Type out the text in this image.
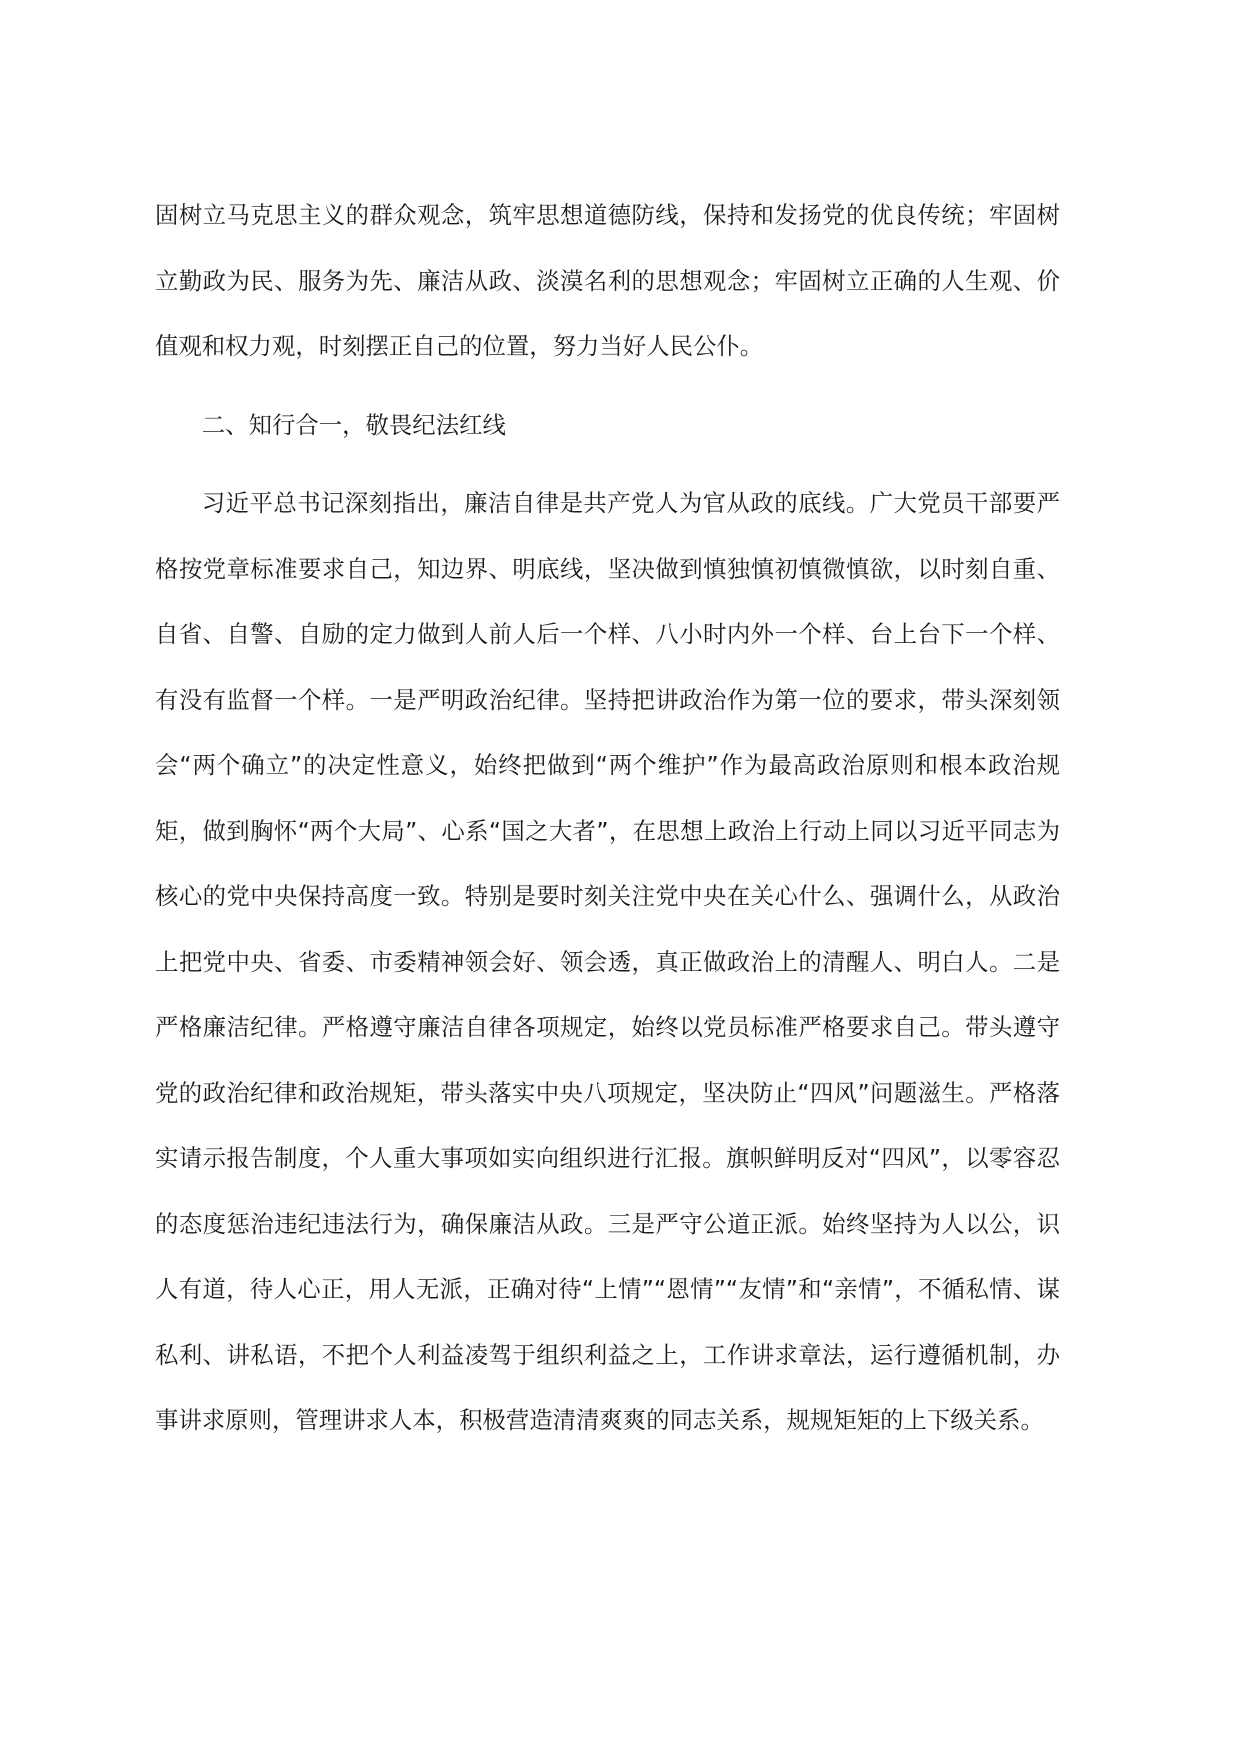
固树立马克思主义的群众观念，筑牢思想道德防线，保持和发扬党的优良传统；牢固树立勤政为民、服务为先、廉洁从政、淡漠名利的思想观念；牢固树立正确的人生观、价值观和权力观，时刻摆正自己的位置，努力当好人民公仆。

二、知行合一，敬畏纪法红线

习近平总书记深刻指出，廉洁自律是共产党人为官从政的底线。广大党员干部要严格按党章标准要求自己，知边界、明底线，坚决做到慎独慎初慎微慎欲，以时刻自重、自省、自警、自励的定力做到人前人后一个样、八小时内外一个样、台上台下一个样、有没有监督一个样。一是严明政治纪律。坚持把讲政治作为第一位的要求，带头深刻领会“两个确立”的决定性意义，始终把做到“两个维护”作为最高政治原则和根本政治规矩，做到胸怀“两个大局”、心系“国之大者”，在思想上政治上行动上同以习近平同志为核心的党中央保持高度一致。特别是要时刻关注党中央在关心什么、强调什么，从政治上把党中央、省委、市委精神领会好、领会透，真正做政治上的清醒人、明白人。二是严格廉洁纪律。严格遵守廉洁自律各项规定，始终以党员标准严格要求自己。带头遵守党的政治纪律和政治规矩，带头落实中央八项规定，坚决防止“四风”问题滋生。严格落实请示报告制度，个人重大事项如实向组织进行汇报。旗帜鲜明反对“四风”，以零容忍的态度惩治违纪违法行为，确保廉洁从政。三是严守公道正派。始终坚持为人以公，识人有道，待人心正，用人无派，正确对待“上情”“恩情”“友情”和“亲情”，不循私情、谋私利、讲私语，不把个人利益凌驾于组织利益之上，工作讲求章法，运行遵循机制，办事讲求原则，管理讲求人本，积极营造清清爽爽的同志关系，规规矩矩的上下级关系。
